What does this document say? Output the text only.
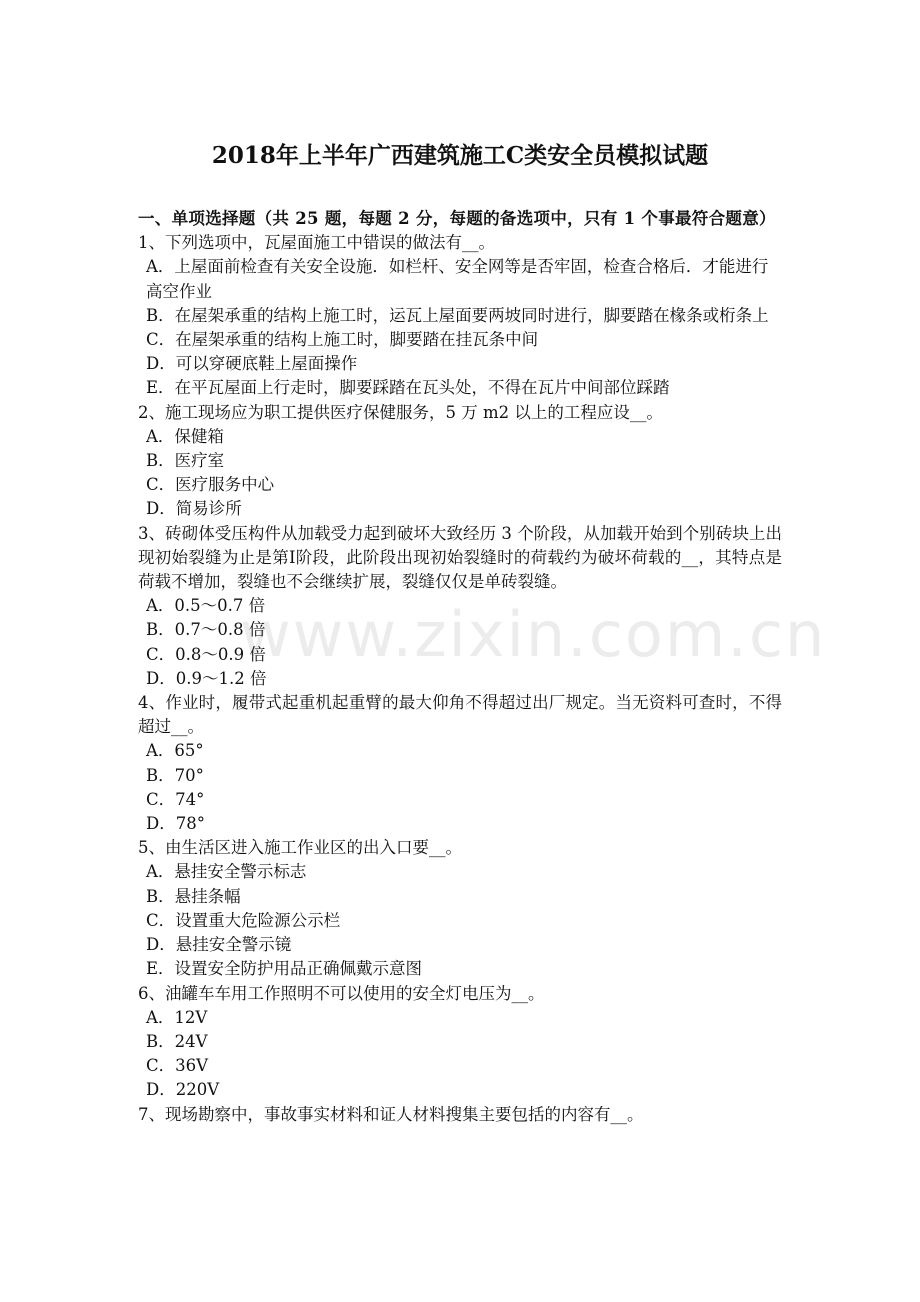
www.zixin.com.cn
2018年上半年广西建筑施工C类安全员模拟试题

一、单项选择题（共 25 题，每题 2 分，每题的备选项中，只有 1 个事最符合题意）

1、下列选项中，瓦屋面施工中错误的做法有__。

A．上屋面前检查有关安全设施．如栏杆、安全网等是否牢固，检查合格后．才能进行高空作业

B．在屋架承重的结构上施工时，运瓦上屋面要两坡同时进行，脚要踏在椽条或桁条上

C．在屋架承重的结构上施工时，脚要踏在挂瓦条中间

D．可以穿硬底鞋上屋面操作

E．在平瓦屋面上行走时，脚要踩踏在瓦头处，不得在瓦片中间部位踩踏

2、施工现场应为职工提供医疗保健服务，5 万 m2 以上的工程应设__。

A．保健箱

B．医疗室

C．医疗服务中心

D．简易诊所

3、砖砌体受压构件从加载受力起到破坏大致经历 3 个阶段，从加载开始到个别砖块上出现初始裂缝为止是第Ⅰ阶段，此阶段出现初始裂缝时的荷载约为破坏荷载的__，其特点是荷载不增加，裂缝也不会继续扩展，裂缝仅仅是单砖裂缝。

A．0.5～0.7 倍

B．0.7～0.8 倍

C．0.8～0.9 倍

D．0.9～1.2 倍

4、作业时，履带式起重机起重臂的最大仰角不得超过出厂规定。当无资料可查时，不得超过__。

A．65°

B．70°

C．74°

D．78°

5、由生活区进入施工作业区的出入口要__。

A．悬挂安全警示标志

B．悬挂条幅

C．设置重大危险源公示栏

D．悬挂安全警示镜

E．设置安全防护用品正确佩戴示意图

6、油罐车车用工作照明不可以使用的安全灯电压为__。

A．12V

B．24V

C．36V

D．220V

7、现场勘察中，事故事实材料和证人材料搜集主要包括的内容有__。
